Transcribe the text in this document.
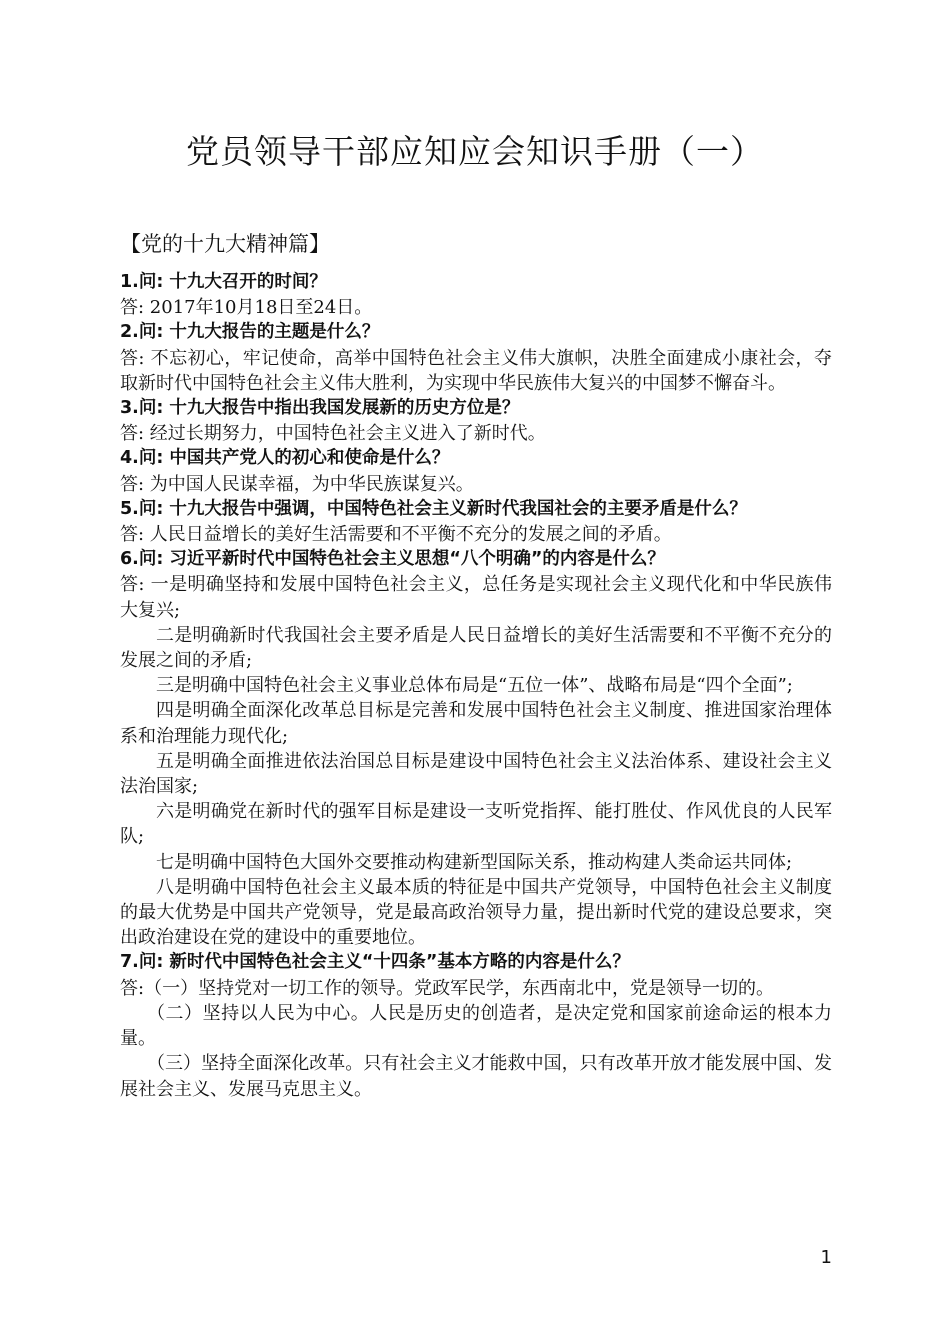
党员领导干部应知应会知识手册（一）
【党的十九大精神篇】
1.问: 十九大召开的时间？
答: 2017年10月18日至24日。
2.问: 十九大报告的主题是什么？
答: 不忘初心，牢记使命，高举中国特色社会主义伟大旗帜，决胜全面建成小康社会，夺取新时代中国特色社会主义伟大胜利，为实现中华民族伟大复兴的中国梦不懈奋斗。
3.问: 十九大报告中指出我国发展新的历史方位是？
答: 经过长期努力，中国特色社会主义进入了新时代。
4.问: 中国共产党人的初心和使命是什么？
答: 为中国人民谋幸福，为中华民族谋复兴。
5.问: 十九大报告中强调，中国特色社会主义新时代我国社会的主要矛盾是什么？
答: 人民日益增长的美好生活需要和不平衡不充分的发展之间的矛盾。
6.问: 习近平新时代中国特色社会主义思想“八个明确”的内容是什么？
答: 一是明确坚持和发展中国特色社会主义，总任务是实现社会主义现代化和中华民族伟大复兴;
二是明确新时代我国社会主要矛盾是人民日益增长的美好生活需要和不平衡不充分的发展之间的矛盾;
三是明确中国特色社会主义事业总体布局是“五位一体”、战略布局是“四个全面”;
四是明确全面深化改革总目标是完善和发展中国特色社会主义制度、推进国家治理体系和治理能力现代化;
五是明确全面推进依法治国总目标是建设中国特色社会主义法治体系、建设社会主义法治国家;
六是明确党在新时代的强军目标是建设一支听党指挥、能打胜仗、作风优良的人民军队;
七是明确中国特色大国外交要推动构建新型国际关系，推动构建人类命运共同体;
八是明确中国特色社会主义最本质的特征是中国共产党领导，中国特色社会主义制度的最大优势是中国共产党领导，党是最高政治领导力量，提出新时代党的建设总要求，突出政治建设在党的建设中的重要地位。
7.问: 新时代中国特色社会主义“十四条”基本方略的内容是什么？
答:（一）坚持党对一切工作的领导。党政军民学，东西南北中，党是领导一切的。
（二）坚持以人民为中心。人民是历史的创造者，是决定党和国家前途命运的根本力量。
（三）坚持全面深化改革。只有社会主义才能救中国，只有改革开放才能发展中国、发展社会主义、发展马克思主义。
1
